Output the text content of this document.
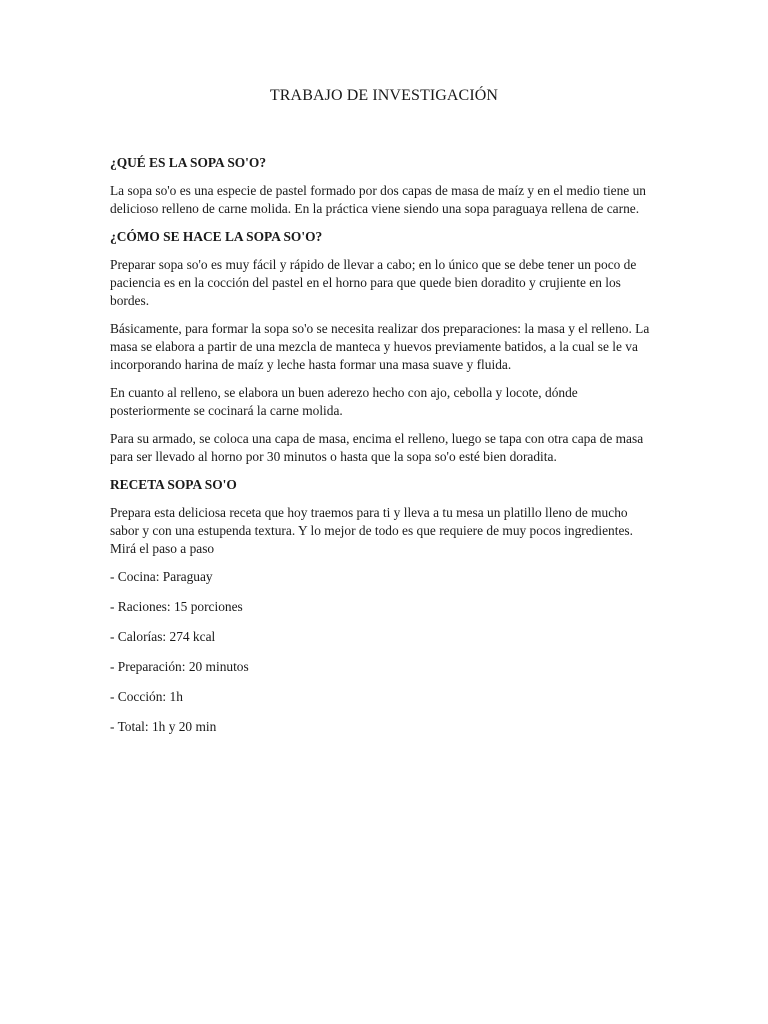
TRABAJO DE INVESTIGACIÓN
¿QUÉ ES LA SOPA SO'O?

La sopa so'o es una especie de pastel formado por dos capas de masa de maíz y en el medio tiene un delicioso relleno de carne molida. En la práctica viene siendo una sopa paraguaya rellena de carne.

¿CÓMO SE HACE LA SOPA SO'O?

Preparar sopa so'o es muy fácil y rápido de llevar a cabo; en lo único que se debe tener un poco de paciencia es en la cocción del pastel en el horno para que quede bien doradito y crujiente en los bordes.

Básicamente, para formar la sopa so'o se necesita realizar dos preparaciones: la masa y el relleno. La masa se elabora a partir de una mezcla de manteca y huevos previamente batidos, a la cual se le va incorporando harina de maíz y leche hasta formar una masa suave y fluida.

En cuanto al relleno, se elabora un buen aderezo hecho con ajo, cebolla y locote, dónde posteriormente se cocinará la carne molida.

Para su armado, se coloca una capa de masa, encima el relleno, luego se tapa con otra capa de masa para ser llevado al horno por 30 minutos o hasta que la sopa so'o esté bien doradita.

RECETA SOPA SO'O

Prepara esta deliciosa receta que hoy traemos para ti y lleva a tu mesa un platillo lleno de mucho sabor y con una estupenda textura. Y lo mejor de todo es que requiere de muy pocos ingredientes. Mirá el paso a paso

- Cocina: Paraguay

- Raciones: 15 porciones

- Calorías: 274 kcal

- Preparación: 20 minutos

- Cocción: 1h

- Total: 1h y 20 min
